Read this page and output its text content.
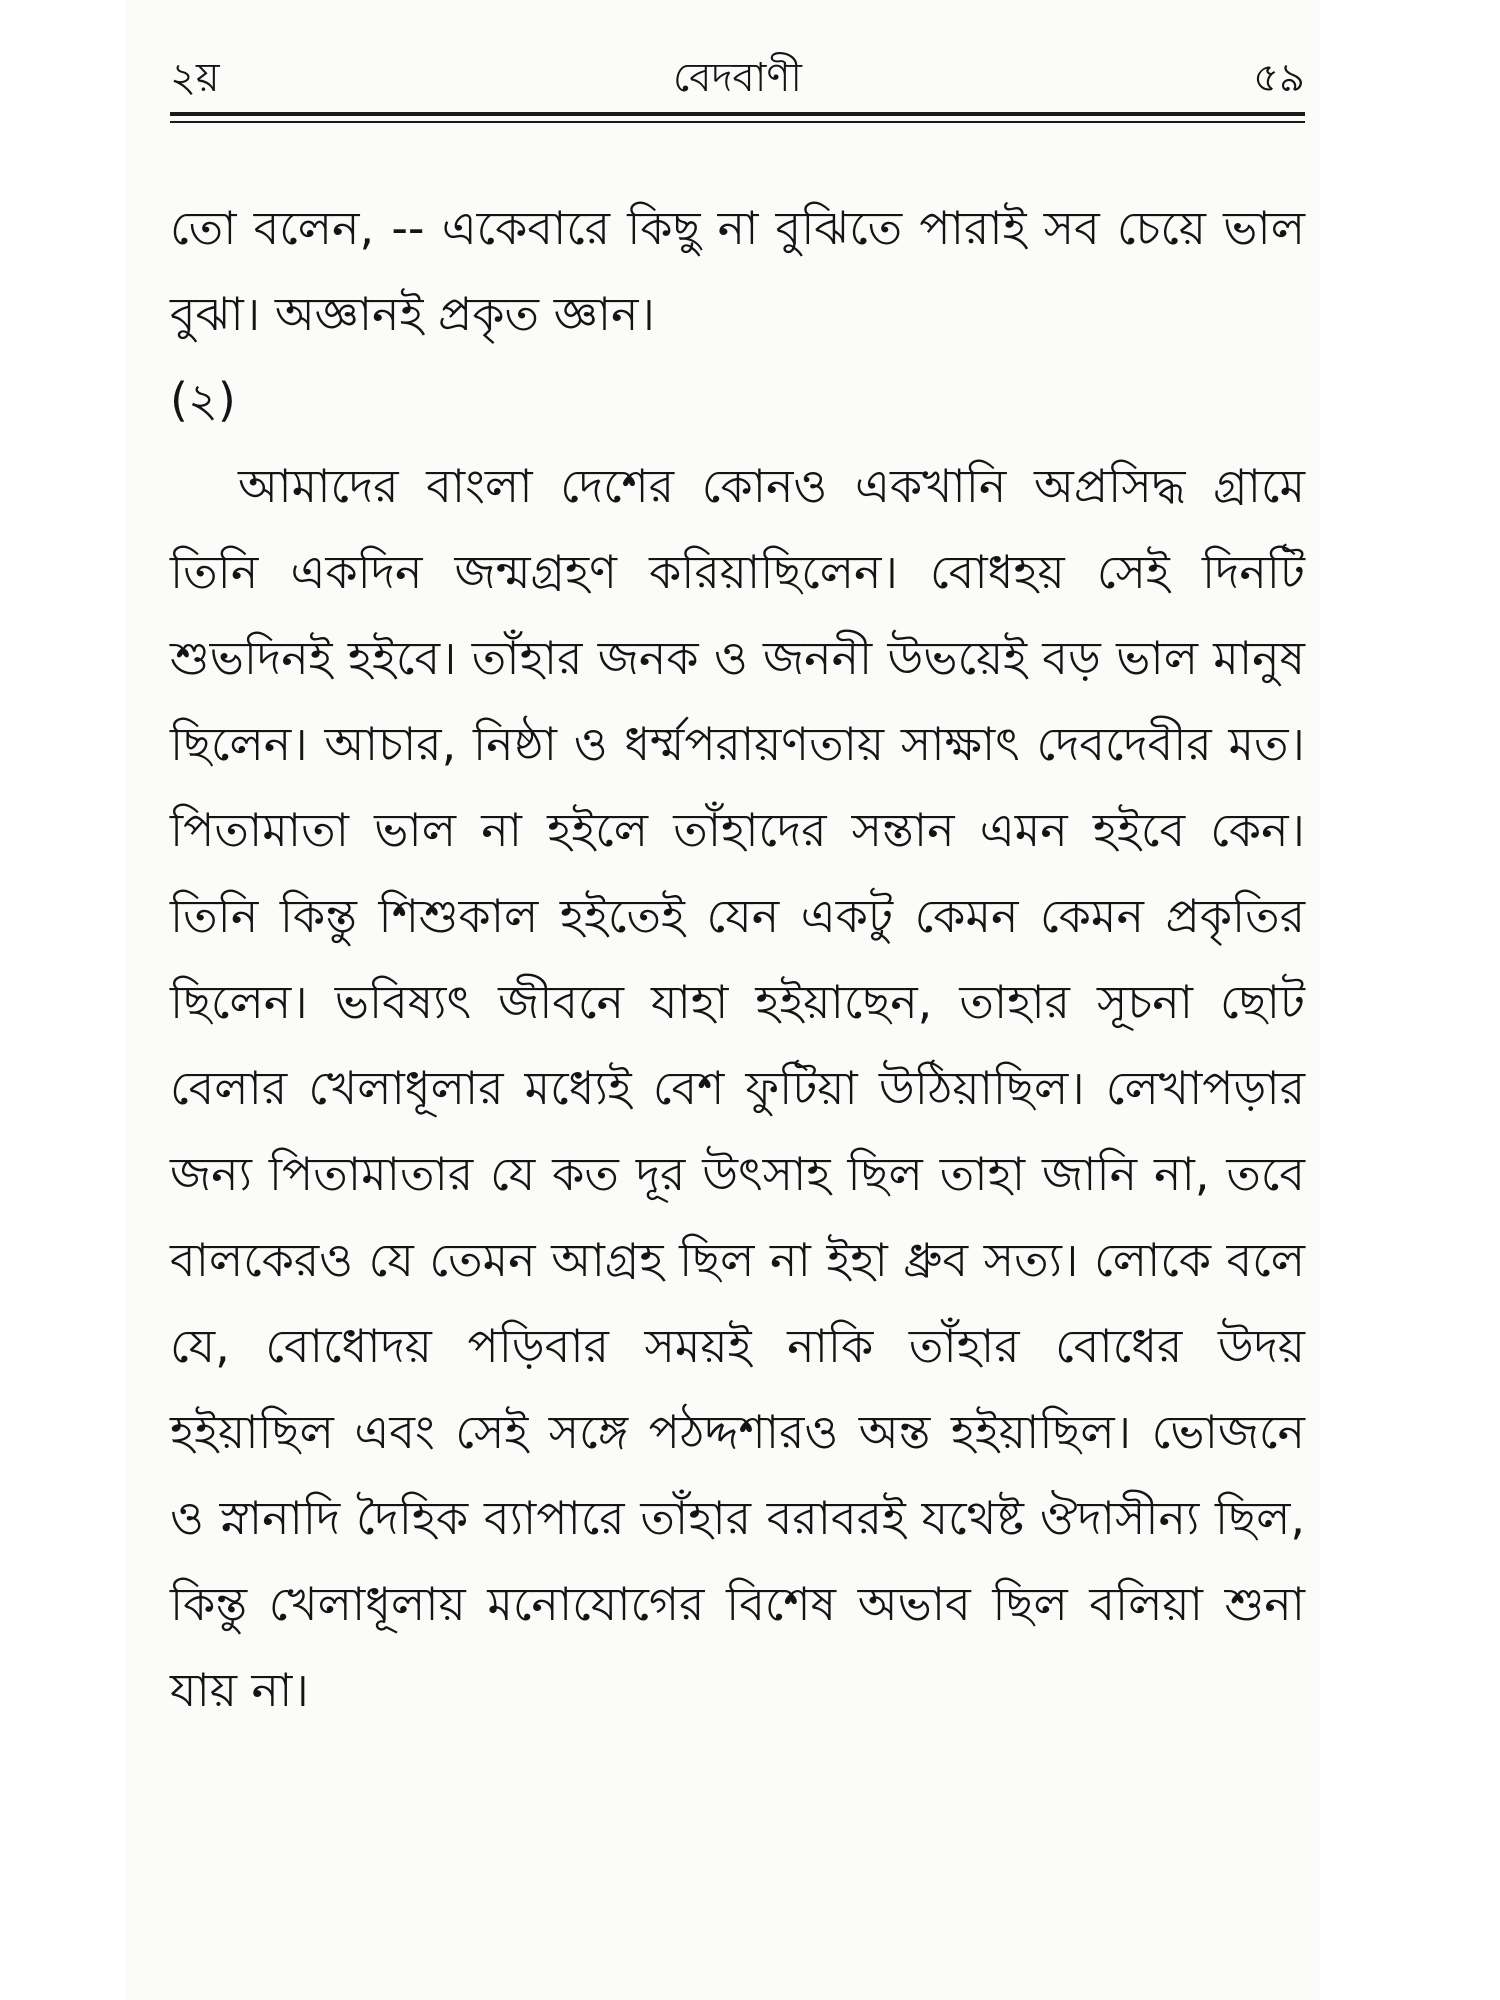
২য়	বেদবাণী	৫৯

তো বলেন, -- একেবারে কিছু না বুঝিতে পারাই সব চেয়ে ভাল বুঝা। অজ্ঞানই প্রকৃত জ্ঞান।

(২)

আমাদের বাংলা দেশের কোনও একখানি অপ্রসিদ্ধ গ্রামে তিনি একদিন জন্মগ্রহণ করিয়াছিলেন। বোধহয় সেই দিনটি শুভদিনই হইবে। তাঁহার জনক ও জননী উভয়েই বড় ভাল মানুষ ছিলেন। আচার, নিষ্ঠা ও ধর্ম্মপরায়ণতায় সাক্ষাৎ দেবদেবীর মত। পিতামাতা ভাল না হইলে তাঁহাদের সন্তান এমন হইবে কেন। তিনি কিন্তু শিশুকাল হইতেই যেন একটু কেমন কেমন প্রকৃতির ছিলেন। ভবিষ্যৎ জীবনে যাহা হইয়াছেন, তাহার সূচনা ছোট বেলার খেলাধূলার মধ্যেই বেশ ফুটিয়া উঠিয়াছিল। লেখাপড়ার জন্য পিতামাতার যে কত দূর উৎসাহ ছিল তাহা জানি না, তবে বালকেরও যে তেমন আগ্রহ ছিল না ইহা ধ্রুব সত্য। লোকে বলে যে, বোধোদয় পড়িবার সময়ই নাকি তাঁহার বোধের উদয় হইয়াছিল এবং সেই সঙ্গে পঠদ্দশারও অন্ত হইয়াছিল। ভোজনে ও স্নানাদি দৈহিক ব্যাপারে তাঁহার বরাবরই যথেষ্ট ঔদাসীন্য ছিল, কিন্তু খেলাধূলায় মনোযোগের বিশেষ অভাব ছিল বলিয়া শুনা যায় না।
